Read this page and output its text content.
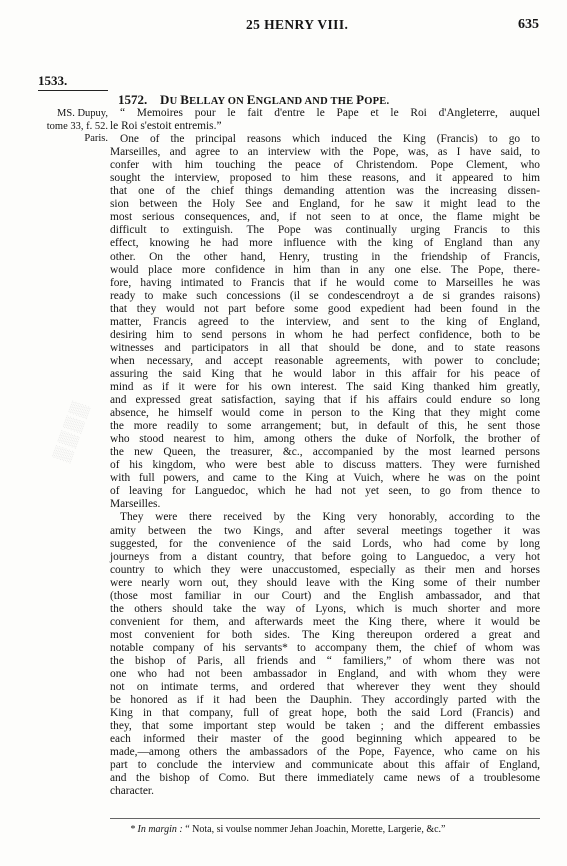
25 HENRY VIII.	635
1533.
1572. DU BELLAY ON ENGLAND AND THE POPE.
MS. Dupuy,
tome 33, f. 52.
Paris.
▒▒▒▒

“ Memoires pour le fait d'entre le Pape et le Roi d'Angleterre, auquel
le Roi s'estoit entremis.”

One of the principal reasons which induced the King (Francis) to go to
Marseilles, and agree to an interview with the Pope, was, as I have said, to
confer with him touching the peace of Christendom. Pope Clement, who
sought the interview, proposed to him these reasons, and it appeared to him
that one of the chief things demanding attention was the increasing dissen-
sion between the Holy See and England, for he saw it might lead to the
most serious consequences, and, if not seen to at once, the flame might be
difficult to extinguish. The Pope was continually urging Francis to this
effect, knowing he had more influence with the king of England than any
other. On the other hand, Henry, trusting in the friendship of Francis,
would place more confidence in him than in any one else. The Pope, there-
fore, having intimated to Francis that if he would come to Marseilles he was
ready to make such concessions (il se condescendroyt a de si grandes raisons)
that they would not part before some good expedient had been found in the
matter, Francis agreed to the interview, and sent to the king of England,
desiring him to send persons in whom he had perfect confidence, both to be
witnesses and participators in all that should be done, and to state reasons
when necessary, and accept reasonable agreements, with power to conclude;
assuring the said King that he would labor in this affair for his peace of
mind as if it were for his own interest. The said King thanked him greatly,
and expressed great satisfaction, saying that if his affairs could endure so long
absence, he himself would come in person to the King that they might come
the more readily to some arrangement; but, in default of this, he sent those
who stood nearest to him, among others the duke of Norfolk, the brother of
the new Queen, the treasurer, &c., accompanied by the most learned persons
of his kingdom, who were best able to discuss matters. They were furnished
with full powers, and came to the King at Vuich, where he was on the point
of leaving for Languedoc, which he had not yet seen, to go from thence to
Marseilles.

They were there received by the King very honorably, according to the
amity between the two Kings, and after several meetings together it was
suggested, for the convenience of the said Lords, who had come by long
journeys from a distant country, that before going to Languedoc, a very hot
country to which they were unaccustomed, especially as their men and horses
were nearly worn out, they should leave with the King some of their number
(those most familiar in our Court) and the English ambassador, and that
the others should take the way of Lyons, which is much shorter and more
convenient for them, and afterwards meet the King there, where it would be
most convenient for both sides. The King thereupon ordered a great and
notable company of his servants* to accompany them, the chief of whom was
the bishop of Paris, all friends and “ familiers,” of whom there was not
one who had not been ambassador in England, and with whom they were
not on intimate terms, and ordered that wherever they went they should
be honored as if it had been the Dauphin. They accordingly parted with the
King in that company, full of great hope, both the said Lord (Francis) and
they, that some important step would be taken ; and the different embassies
each informed their master of the good beginning which appeared to be
made,—among others the ambassadors of the Pope, Fayence, who came on his
part to conclude the interview and communicate about this affair of England,
and the bishop of Como. But there immediately came news of a troublesome
character.

* In margin : “ Nota, si voulse nommer Jehan Joachin, Morette, Largerie, &c.”
